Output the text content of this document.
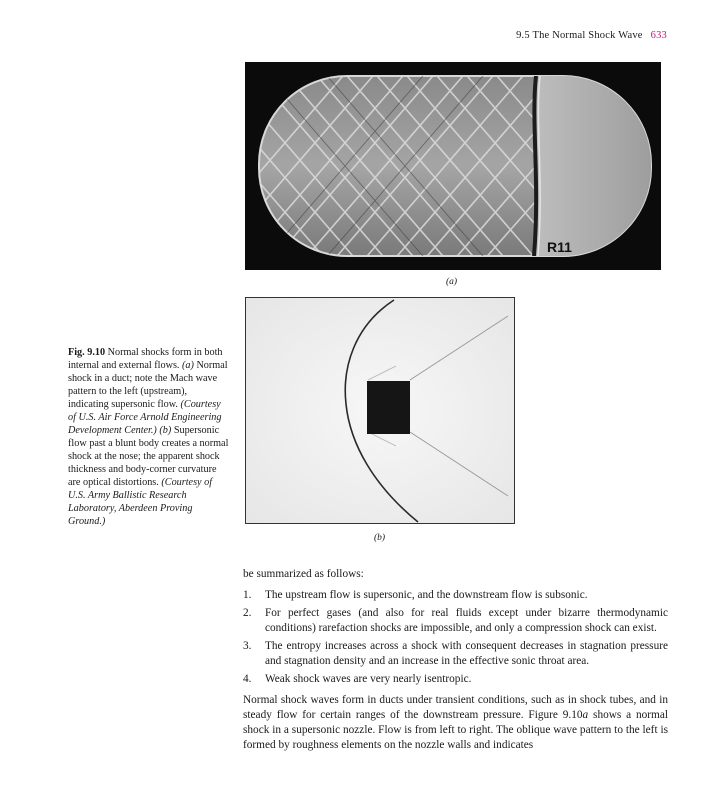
9.5 The Normal Shock Wave 633
R11
(a)
(b)
Fig. 9.10 Normal shocks form in both internal and external flows. (a) Normal shock in a duct; note the Mach wave pattern to the left (upstream), indicating supersonic flow. (Courtesy of U.S. Air Force Arnold Engineering Development Center.) (b) Supersonic flow past a blunt body creates a normal shock at the nose; the apparent shock thickness and body-corner curvature are optical distortions. (Courtesy of U.S. Army Ballistic Research Laboratory, Aberdeen Proving Ground.)

be summarized as follows:

1. The upstream flow is supersonic, and the downstream flow is subsonic.
2. For perfect gases (and also for real fluids except under bizarre thermodynamic conditions) rarefaction shocks are impossible, and only a compression shock can exist.
3. The entropy increases across a shock with consequent decreases in stagnation pressure and stagnation density and an increase in the effective sonic throat area.
4. Weak shock waves are very nearly isentropic.

Normal shock waves form in ducts under transient conditions, such as in shock tubes, and in steady flow for certain ranges of the downstream pressure. Figure 9.10a shows a normal shock in a supersonic nozzle. Flow is from left to right. The oblique wave pattern to the left is formed by roughness elements on the nozzle walls and indicates
